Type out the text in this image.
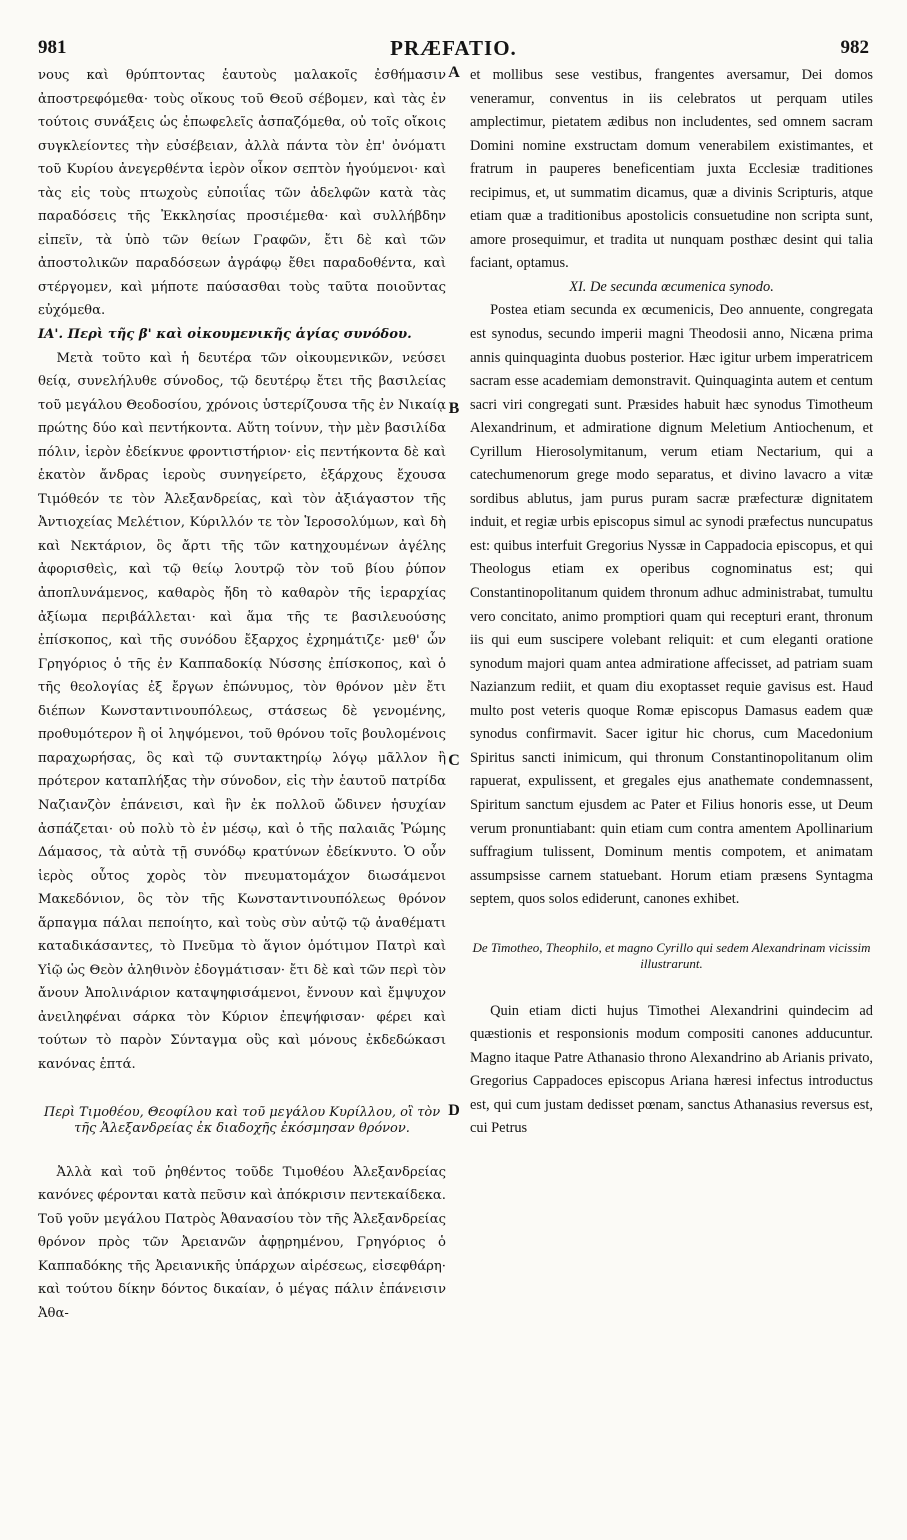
981	PRÆFATIO.	982

νους καὶ θρύπτοντας ἑαυτοὺς μαλακοῖς ἐσθήμασιν ἀποστρεφόμεθα· τοὺς οἴκους τοῦ Θεοῦ σέβομεν, καὶ τὰς ἐν τούτοις συνάξεις ὡς ἐπωφελεῖς ἀσπαζόμεθα, οὐ τοῖς οἴκοις συγκλείοντες τὴν εὐσέβειαν, ἀλλὰ πάντα τὸν ἐπ' ὀνόματι τοῦ Κυρίου ἀνεγερθέντα ἱερὸν οἶκον σεπτὸν ἡγούμενοι· καὶ τὰς εἰς τοὺς πτωχοὺς εὐποιΐας τῶν ἀδελφῶν κατὰ τὰς παραδόσεις τῆς Ἐκκλησίας προσιέμεθα· καὶ συλλήβδην εἰπεῖν, τὰ ὑπὸ τῶν θείων Γραφῶν, ἔτι δὲ καὶ τῶν ἀποστολικῶν παραδόσεων ἀγράφῳ ἔθει παραδοθέντα, καὶ στέργομεν, καὶ μήποτε παύσασθαι τοὺς ταῦτα ποιοῦντας εὐχόμεθα.

ΙΑ'. Περὶ τῆς β' καὶ οἰκουμενικῆς ἁγίας συνόδου.

Μετὰ τοῦτο καὶ ἡ δευτέρα τῶν οἰκουμενικῶν, νεύσει θείᾳ, συνελήλυθε σύνοδος, τῷ δευτέρῳ ἔτει τῆς βασιλείας τοῦ μεγάλου Θεοδοσίου, χρόνοις ὑστερίζουσα τῆς ἐν Νικαίᾳ πρώτης δύο καὶ πεντήκοντα. Αὕτη τοίνυν, τὴν μὲν βασιλίδα πόλιν, ἱερὸν ἐδείκνυε φροντιστήριον· εἰς πεντήκοντα δὲ καὶ ἑκατὸν ἄνδρας ἱεροὺς συνηγείρετο, ἐξάρχους ἔχουσα Τιμόθεόν τε τὸν Ἀλεξανδρείας, καὶ τὸν ἀξιάγαστον τῆς Ἀντιοχείας Μελέτιον, Κύριλλόν τε τὸν Ἱεροσολύμων, καὶ δὴ καὶ Νεκτάριον, ὃς ἄρτι τῆς τῶν κατηχουμένων ἀγέλης ἀφορισθεὶς, καὶ τῷ θείῳ λουτρῷ τὸν τοῦ βίου ῥύπον ἀποπλυνάμενος, καθαρὸς ἤδη τὸ καθαρὸν τῆς ἱεραρχίας ἀξίωμα περιβάλλεται· καὶ ἅμα τῆς τε βασιλευούσης ἐπίσκοπος, καὶ τῆς συνόδου ἔξαρχος ἐχρημάτιζε· μεθ' ὧν Γρηγόριος ὁ τῆς ἐν Καππαδοκίᾳ Νύσσης ἐπίσκοπος, καὶ ὁ τῆς θεολογίας ἐξ ἔργων ἐπώνυμος, τὸν θρόνον μὲν ἔτι διέπων Κωνσταντινουπόλεως, στάσεως δὲ γενομένης, προθυμότερον ἢ οἱ ληψόμενοι, τοῦ θρόνου τοῖς βουλομένοις παραχωρήσας, ὃς καὶ τῷ συντακτηρίῳ λόγῳ μᾶλλον ἢ πρότερον καταπλήξας τὴν σύνοδον, εἰς τὴν ἑαυτοῦ πατρίδα Ναζιανζὸν ἐπάνεισι, καὶ ἣν ἐκ πολλοῦ ὤδινεν ἡσυχίαν ἀσπάζεται· οὐ πολὺ τὸ ἐν μέσῳ, καὶ ὁ τῆς παλαιᾶς Ῥώμης Δάμασος, τὰ αὐτὰ τῇ συνόδῳ κρατύνων ἐδείκνυτο. Ὁ οὖν ἱερὸς οὗτος χορὸς τὸν πνευματομάχον διωσάμενοι Μακεδόνιον, ὃς τὸν τῆς Κωνσταντινουπόλεως θρόνον ἅρπαγμα πάλαι πεποίητο, καὶ τοὺς σὺν αὐτῷ τῷ ἀναθέματι καταδικάσαντες, τὸ Πνεῦμα τὸ ἅγιον ὁμότιμον Πατρὶ καὶ Υἱῷ ὡς Θεὸν ἀληθινὸν ἐδογμάτισαν· ἔτι δὲ καὶ τῶν περὶ τὸν ἄνουν Ἀπολινάριον καταψηφισάμενοι, ἔννουν καὶ ἔμψυχον ἀνειληφέναι σάρκα τὸν Κύριον ἐπεψήφισαν· φέρει καὶ τούτων τὸ παρὸν Σύνταγμα οὓς καὶ μόνους ἐκδεδώκασι κανόνας ἑπτά.

Περὶ Τιμοθέου, Θεοφίλου καὶ τοῦ μεγάλου Κυρίλλου, οἳ τὸν τῆς Ἀλεξανδρείας ἐκ διαδοχῆς ἐκόσμησαν θρόνον.

Ἀλλὰ καὶ τοῦ ῥηθέντος τοῦδε Τιμοθέου Ἀλεξανδρείας κανόνες φέρονται κατὰ πεῦσιν καὶ ἀπόκρισιν πεντεκαίδεκα. Τοῦ γοῦν μεγάλου Πατρὸς Ἀθανασίου τὸν τῆς Ἀλεξανδρείας θρόνον πρὸς τῶν Ἀρειανῶν ἀφῃρημένου, Γρηγόριος ὁ Καππαδόκης τῆς Ἀρειανικῆς ὑπάρχων αἱρέσεως, εἰσεφθάρη· καὶ τούτου δίκην δόντος δικαίαν, ὁ μέγας πάλιν ἐπάνεισιν Ἀθα-

A
B
C
D

et mollibus sese vestibus, frangentes aversamur, Dei domos veneramur, conventus in iis celebratos ut perquam utiles amplectimur, pietatem ædibus non includentes, sed omnem sacram Domini nomine exstructam domum venerabilem existimantes, et fratrum in pauperes beneficentiam juxta Ecclesiæ traditiones recipimus, et, ut summatim dicamus, quæ a divinis Scripturis, atque etiam quæ a traditionibus apostolicis consuetudine non scripta sunt, amore prosequimur, et tradita ut nunquam posthæc desint qui talia faciant, optamus.

XI. De secunda œcumenica synodo.

Postea etiam secunda ex œcumenicis, Deo annuente, congregata est synodus, secundo imperii magni Theodosii anno, Nicæna prima annis quinquaginta duobus posterior. Hæc igitur urbem imperatricem sacram esse academiam demonstravit. Quinquaginta autem et centum sacri viri congregati sunt. Præsides habuit hæc synodus Timotheum Alexandrinum, et admiratione dignum Meletium Antiochenum, et Cyrillum Hierosolymitanum, verum etiam Nectarium, qui a catechumenorum grege modo separatus, et divino lavacro a vitæ sordibus ablutus, jam purus puram sacræ præfecturæ dignitatem induit, et regiæ urbis episcopus simul ac synodi præfectus nuncupatus est: quibus interfuit Gregorius Nyssæ in Cappadocia episcopus, et qui Theologus etiam ex operibus cognominatus est; qui Constantinopolitanum quidem thronum adhuc administrabat, tumultu vero concitato, animo promptiori quam qui recepturi erant, thronum iis qui eum suscipere volebant reliquit: et cum eleganti oratione synodum majori quam antea admiratione affecisset, ad patriam suam Nazianzum rediit, et quam diu exoptasset requie gavisus est. Haud multo post veteris quoque Romæ episcopus Damasus eadem quæ synodus confirmavit. Sacer igitur hic chorus, cum Macedonium Spiritus sancti inimicum, qui thronum Constantinopolitanum olim rapuerat, expulissent, et gregales ejus anathemate condemnassent, Spiritum sanctum ejusdem ac Pater et Filius honoris esse, ut Deum verum pronuntiabant: quin etiam cum contra amentem Apollinarium suffragium tulissent, Dominum mentis compotem, et animatam assumpsisse carnem statuebant. Horum etiam præsens Syntagma septem, quos solos ediderunt, canones exhibet.

De Timotheo, Theophilo, et magno Cyrillo qui sedem Alexandrinam vicissim illustrarunt.

Quin etiam dicti hujus Timothei Alexandrini quindecim ad quæstionis et responsionis modum compositi canones adducuntur. Magno itaque Patre Athanasio throno Alexandrino ab Arianis privato, Gregorius Cappadoces episcopus Ariana hæresi infectus introductus est, qui cum justam dedisset pœnam, sanctus Athanasius reversus est, cui Petrus
